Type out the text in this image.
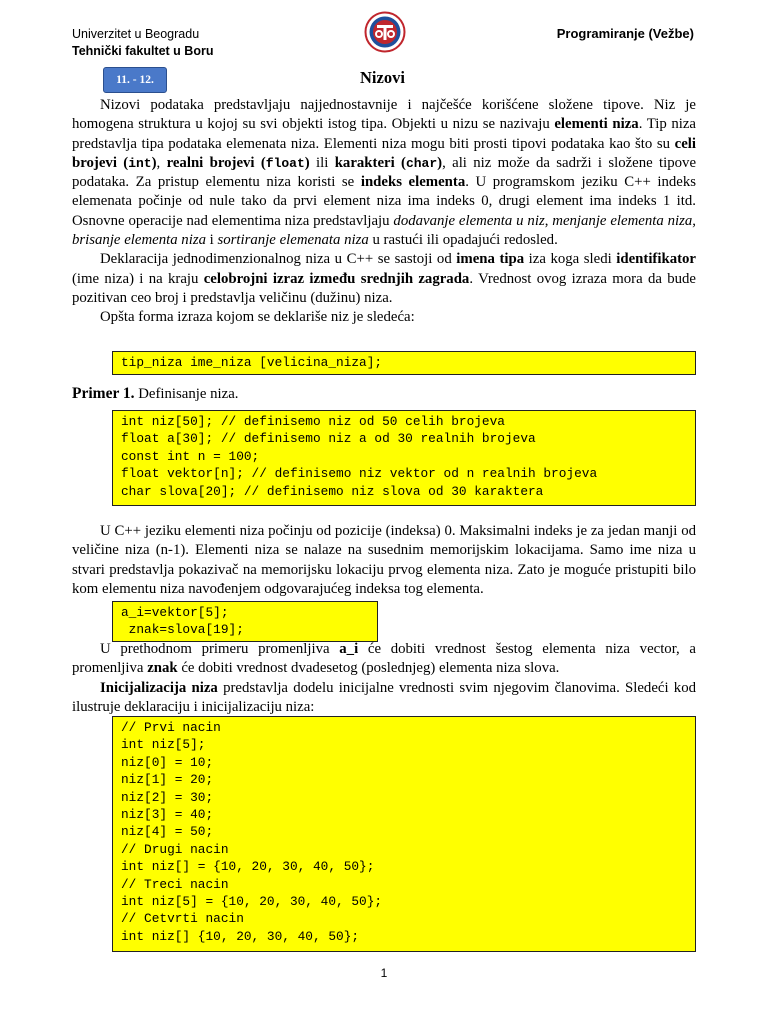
Univerzitet u Beogradu
Tehnički fakultet u Boru
Programiranje (Vežbe)
11. - 12.	Nizovi

Nizovi podataka predstavljaju najjednostavnije i najčešće korišćene složene tipove. Niz je homogena struktura u kojoj su svi objekti istog tipa. Objekti u nizu se nazivaju elementi niza. Tip niza predstavlja tipa podataka elemenata niza. Elementi niza mogu biti prosti tipovi podataka kao što su celi brojevi (int), realni brojevi (float) ili karakteri (char), ali niz može da sadrži i složene tipove podataka. Za pristup elementu niza koristi se indeks elementa. U programskom jeziku C++ indeks elemenata počinje od nule tako da prvi element niza ima indeks 0, drugi element ima indeks 1 itd. Osnovne operacije nad elementima niza predstavljaju dodavanje elementa u niz, menjanje elementa niza, brisanje elementa niza i sortiranje elemenata niza u rastući ili opadajući redosled.

Deklaracija jednodimenzionalnog niza u C++ se sastoji od imena tipa iza koga sledi identifikator (ime niza) i na kraju celobrojni izraz između srednjih zagrada. Vrednost ovog izraza mora da bude pozitivan ceo broj i predstavlja veličinu (dužinu) niza.

Opšta forma izraza kojom se deklariše niz je sledeća:

tip_niza ime_niza [velicina_niza];

Primer 1. Definisanje niza.

int niz[50]; // definisemo niz od 50 celih brojeva
float a[30]; // definisemo niz a od 30 realnih brojeva
const int n = 100;
float vektor[n]; // definisemo niz vektor od n realnih brojeva
char slova[20]; // definisemo niz slova od 30 karaktera

U C++ jeziku elementi niza počinju od pozicije (indeksa) 0. Maksimalni indeks je za jedan manji od veličine niza (n-1). Elementi niza se nalaze na susednim memorijskim lokacijama. Samo ime niza u stvari predstavlja pokazivač na memorijsku lokaciju prvog elementa niza. Zato je moguće pristupiti bilo kom elementu niza navođenjem odgovarajućeg indeksa tog elementa.

a_i=vektor[5];
znak=slova[19];

U prethodnom primeru promenljiva a_i će dobiti vrednost šestog elementa niza vector, a promenljiva znak će dobiti vrednost dvadesetog (poslednjeg) elementa niza slova.

Inicijalizacija niza predstavlja dodelu inicijalne vrednosti svim njegovim članovima. Sledeći kod ilustruje deklaraciju i inicijalizaciju niza:

// Prvi nacin
int niz[5];
niz[0] = 10;
niz[1] = 20;
niz[2] = 30;
niz[3] = 40;
niz[4] = 50;
// Drugi nacin
int niz[] = {10, 20, 30, 40, 50};
// Treci nacin
int niz[5] = {10, 20, 30, 40, 50};
// Cetvrti nacin
int niz[] {10, 20, 30, 40, 50};
1
